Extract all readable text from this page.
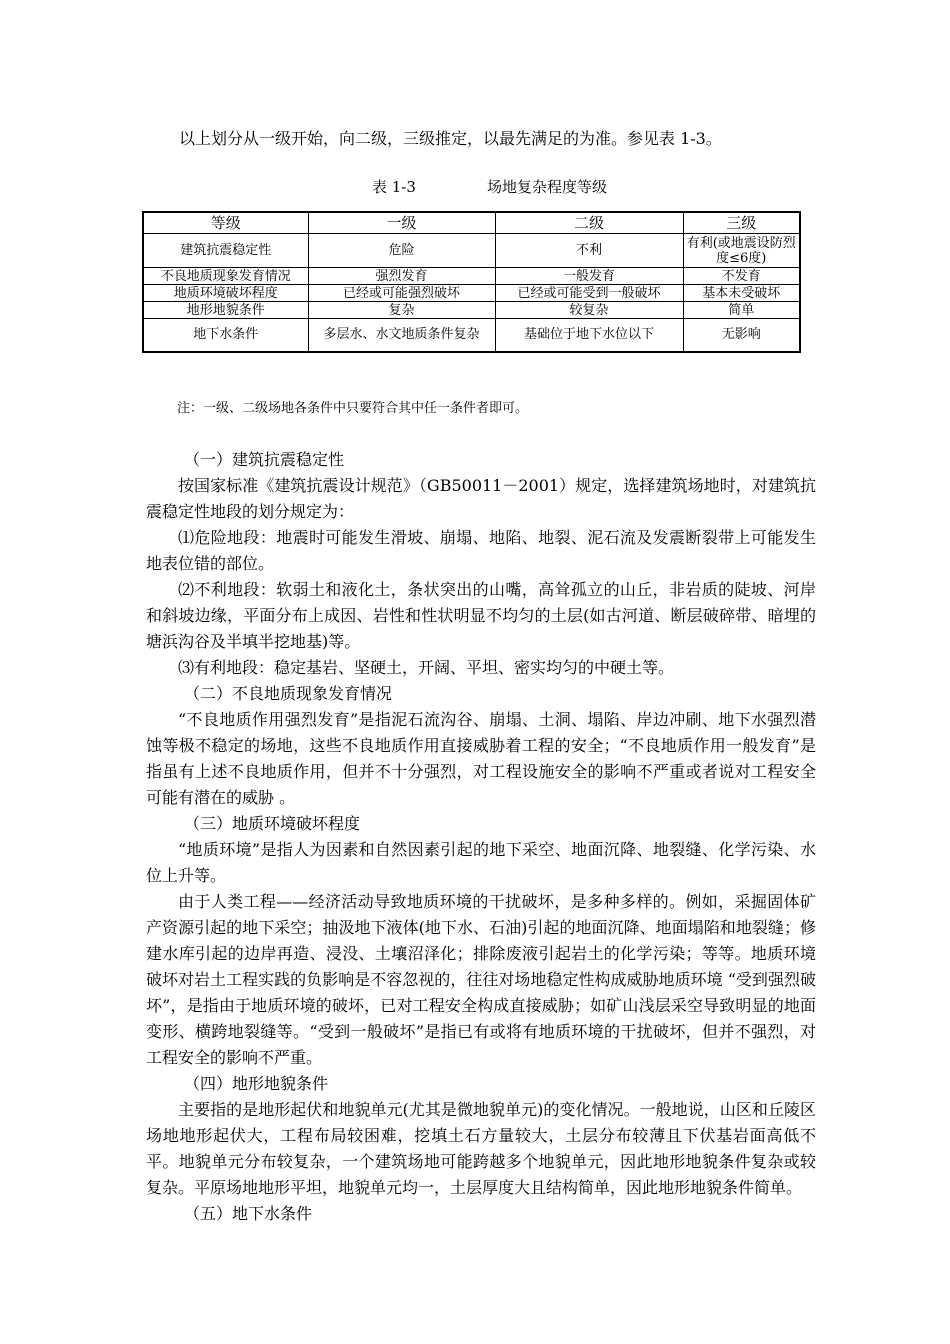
以上划分从一级开始，向二级，三级推定，以最先满足的为准。参见表 1-3。
表 1-3	场地复杂程度等级
等级	一级	二级	三级
建筑抗震稳定性	危险	不利	有利(或地震设防烈度≤6度)
不良地质现象发育情况	强烈发育	一般发育	不发育
地质环境破坏程度	已经或可能强烈破坏	已经或可能受到一般破坏	基本未受破坏
地形地貌条件	复杂	较复杂	简单
地下水条件	多层水、水文地质条件复杂	基础位于地下水位以下	无影响
注：一级、二级场地各条件中只要符合其中任一条件者即可。

（一）建筑抗震稳定性

按国家标准《建筑抗震设计规范》（GB50011－2001）规定，选择建筑场地时，对建筑抗震稳定性地段的划分规定为：

⑴危险地段：地震时可能发生滑坡、崩塌、地陷、地裂、泥石流及发震断裂带上可能发生地表位错的部位。

⑵不利地段：软弱土和液化土，条状突出的山嘴，高耸孤立的山丘，非岩质的陡坡、河岸和斜坡边缘，平面分布上成因、岩性和性状明显不均匀的土层(如古河道、断层破碎带、暗埋的塘浜沟谷及半填半挖地基)等。

⑶有利地段：稳定基岩、坚硬土，开阔、平坦、密实均匀的中硬土等。

（二）不良地质现象发育情况

“不良地质作用强烈发育”是指泥石流沟谷、崩塌、土洞、塌陷、岸边冲刷、地下水强烈潜蚀等极不稳定的场地，这些不良地质作用直接威胁着工程的安全；“不良地质作用一般发育”是指虽有上述不良地质作用，但并不十分强烈，对工程设施安全的影响不严重或者说对工程安全可能有潜在的威胁 。

（三）地质环境破坏程度

“地质环境”是指人为因素和自然因素引起的地下采空、地面沉降、地裂缝、化学污染、水位上升等。

由于人类工程——经济活动导致地质环境的干扰破坏，是多种多样的。例如，采掘固体矿产资源引起的地下采空；抽汲地下液体(地下水、石油)引起的地面沉降、地面塌陷和地裂缝；修建水库引起的边岸再造、浸没、土壤沼泽化；排除废液引起岩土的化学污染；等等。地质环境破坏对岩土工程实践的负影响是不容忽视的，往往对场地稳定性构成威胁地质环境 “受到强烈破坏”，是指由于地质环境的破坏，已对工程安全构成直接威胁；如矿山浅层采空导致明显的地面变形、横跨地裂缝等。“受到一般破坏”是指已有或将有地质环境的干扰破坏，但并不强烈，对工程安全的影响不严重。

（四）地形地貌条件

主要指的是地形起伏和地貌单元(尤其是微地貌单元)的变化情况。一般地说，山区和丘陵区场地地形起伏大，工程布局较困难，挖填土石方量较大，土层分布较薄且下伏基岩面高低不平。地貌单元分布较复杂，一个建筑场地可能跨越多个地貌单元，因此地形地貌条件复杂或较复杂。平原场地地形平坦，地貌单元均一，土层厚度大且结构简单，因此地形地貌条件简单。

（五）地下水条件
